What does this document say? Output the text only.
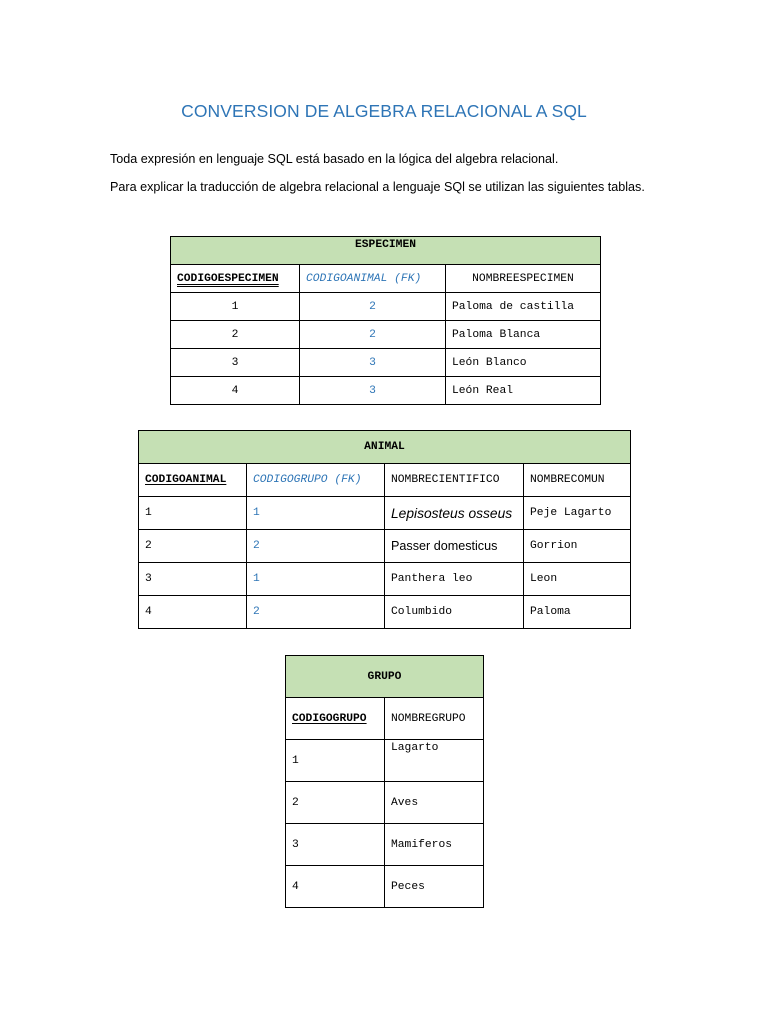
CONVERSION DE ALGEBRA RELACIONAL A SQL
Toda expresión en lenguaje SQL está basado en la lógica del algebra relacional.
Para explicar la traducción de algebra relacional a lenguaje SQl se utilizan las siguientes tablas.
ESPECIMEN		
CODIGOESPECIMEN	CODIGOANIMAL (FK)	NOMBREESPECIMEN
1	2	Paloma de castilla
2	2	Paloma Blanca
3	3	León Blanco
4	3	León Real
ANIMAL			
CODIGOANIMAL	CODIGOGRUPO (FK)	NOMBRECIENTIFICO	NOMBRECOMUN
1	1	Lepisosteus osseus	Peje Lagarto
2	2	Passer domesticus	Gorrion
3	1	Panthera leo	Leon
4	2	Columbido	Paloma
GRUPO	
CODIGOGRUPO	NOMBREGRUPO
1	Lagarto
2	Aves
3	Mamiferos
4	Peces
